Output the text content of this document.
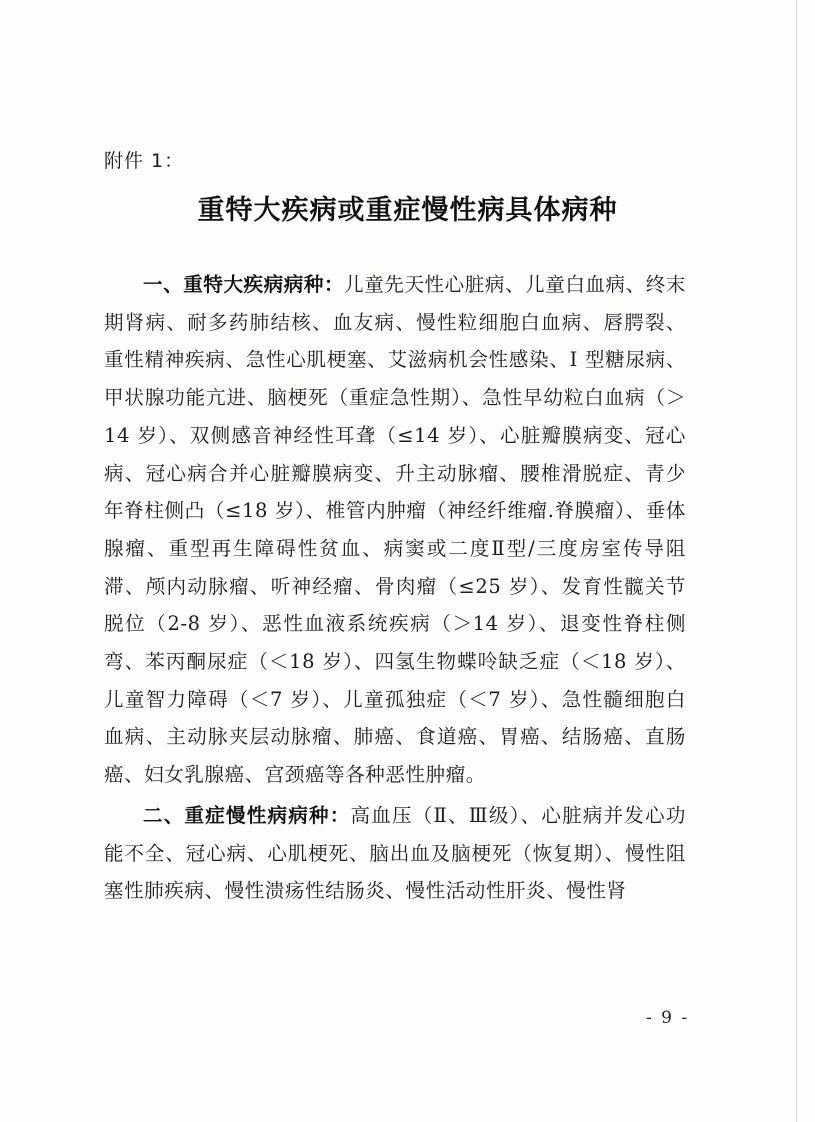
附件 1：
重特大疾病或重症慢性病具体病种

一、重特大疾病病种：儿童先天性心脏病、儿童白血病、终末期肾病、耐多药肺结核、血友病、慢性粒细胞白血病、唇腭裂、重性精神疾病、急性心肌梗塞、艾滋病机会性感染、I 型糖尿病、甲状腺功能亢进、脑梗死（重症急性期）、急性早幼粒白血病（＞14 岁）、双侧感音神经性耳聋（≤14 岁）、心脏瓣膜病变、冠心病、冠心病合并心脏瓣膜病变、升主动脉瘤、腰椎滑脱症、青少年脊柱侧凸（≤18 岁）、椎管内肿瘤（神经纤维瘤.脊膜瘤）、垂体腺瘤、重型再生障碍性贫血、病窦或二度Ⅱ型/三度房室传导阻滞、颅内动脉瘤、听神经瘤、骨肉瘤（≤25 岁）、发育性髋关节脱位（2-8 岁）、恶性血液系统疾病（＞14 岁）、退变性脊柱侧弯、苯丙酮尿症（＜18 岁）、四氢生物蝶呤缺乏症（＜18 岁）、儿童智力障碍（＜7 岁）、儿童孤独症（＜7 岁）、急性髓细胞白血病、主动脉夹层动脉瘤、肺癌、食道癌、胃癌、结肠癌、直肠癌、妇女乳腺癌、宫颈癌等各种恶性肿瘤。

二、重症慢性病病种：高血压（Ⅱ、Ⅲ级）、心脏病并发心功能不全、冠心病、心肌梗死、脑出血及脑梗死（恢复期）、慢性阻塞性肺疾病、慢性溃疡性结肠炎、慢性活动性肝炎、慢性肾

- 9 -
